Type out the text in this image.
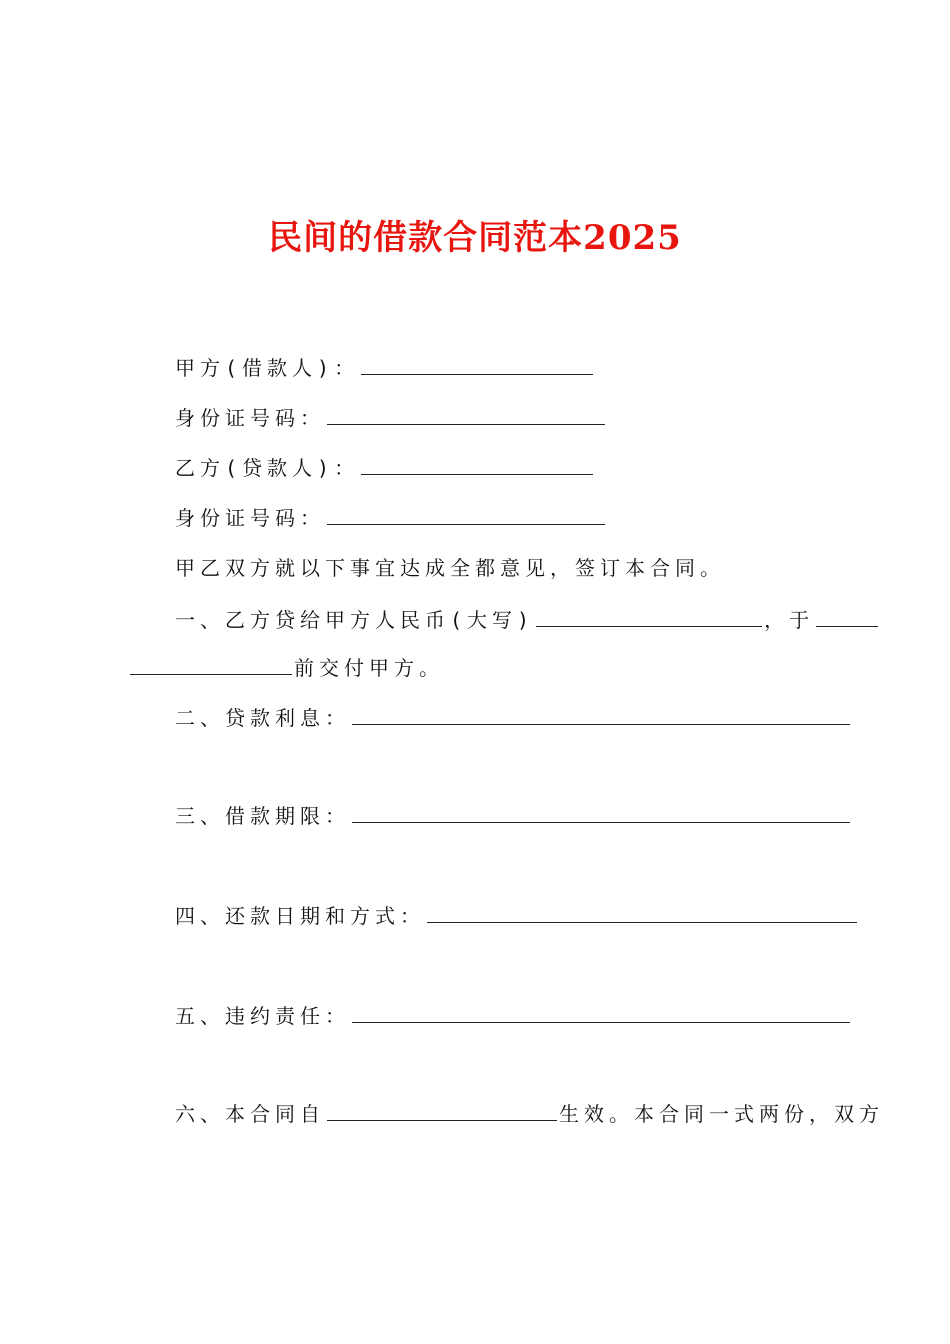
民间的借款合同范本2025
甲方(借款人)：
身份证号码：
乙方(贷款人)：
身份证号码：
甲乙双方就以下事宜达成全都意见，签订本合同。
一、乙方贷给甲方人民币(大写)	，于
前交付甲方。
二、贷款利息：
三、借款期限：
四、还款日期和方式：
五、违约责任：
六、本合同自	生效。本合同一式两份，双方
